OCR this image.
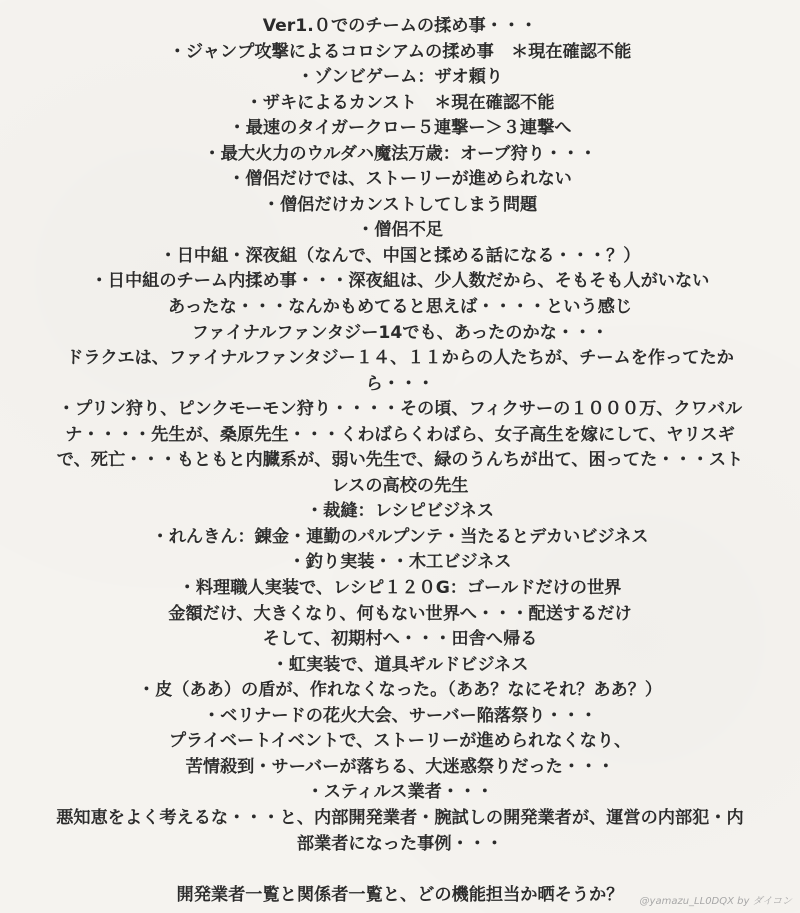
Ver1.０でのチームの揉め事・・・
・ジャンプ攻撃によるコロシアムの揉め事　＊現在確認不能
・ゾンビゲーム：ザオ頼り
・ザキによるカンスト　＊現在確認不能
・最速のタイガークロー５連撃ー＞３連撃へ
・最大火力のウルダハ魔法万歳：オーブ狩り・・・
・僧侶だけでは、ストーリーが進められない
・僧侶だけカンストしてしまう問題
・僧侶不足
・日中組・深夜組（なんで、中国と揉める話になる・・・？）
・日中組のチーム内揉め事・・・深夜組は、少人数だから、そもそも人がいない
あったな・・・なんかもめてると思えば・・・・という感じ
ファイナルファンタジー14でも、あったのかな・・・
ドラクエは、ファイナルファンタジー１４、１１からの人たちが、チームを作ってたか
ら・・・
・プリン狩り、ピンクモーモン狩り・・・・その頃、フィクサーの１０００万、クワバル
ナ・・・・先生が、桑原先生・・・くわばらくわばら、女子高生を嫁にして、ヤリスギ
で、死亡・・・もともと内臓系が、弱い先生で、緑のうんちが出て、困ってた・・・スト
レスの高校の先生
・裁縫：レシピビジネス
・れんきん：錬金・連勤のパルプンテ・当たるとデカいビジネス
・釣り実装・・木工ビジネス
・料理職人実装で、レシピ１２０G：ゴールドだけの世界
金額だけ、大きくなり、何もない世界へ・・・配送するだけ
そして、初期村へ・・・田舎へ帰る
・虹実装で、道具ギルドビジネス
・皮（ああ）の盾が、作れなくなった。（ああ？なにそれ？ああ？）
・ベリナードの花火大会、サーバー陥落祭り・・・
プライベートイベントで、ストーリーが進められなくなり、
苦情殺到・サーバーが落ちる、大迷惑祭りだった・・・
・スティルス業者・・・
悪知恵をよく考えるな・・・と、内部開発業者・腕試しの開発業者が、運営の内部犯・内
部業者になった事例・・・
開発業者一覧と関係者一覧と、どの機能担当か晒そうか？	@yamazu_LL0DQX by ダイコン
